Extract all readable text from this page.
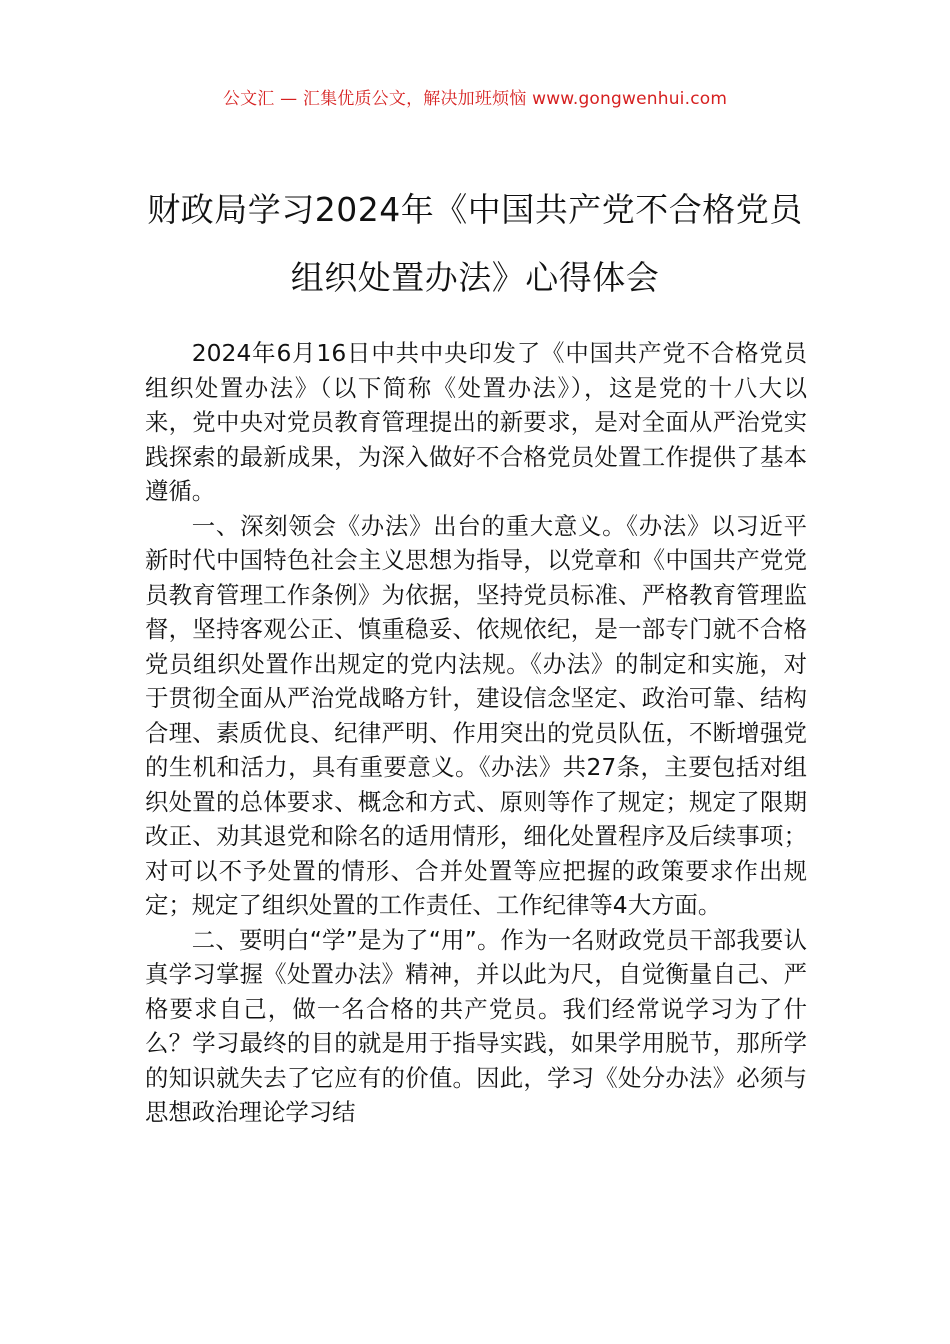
公文汇 — 汇集优质公文，解决加班烦恼 www.gongwenhui.com
财政局学习2024年《中国共产党不合格党员组织处置办法》心得体会

2024年6月16日中共中央印发了《中国共产党不合格党员组织处置办法》（以下简称《处置办法》），这是党的十八大以来，党中央对党员教育管理提出的新要求，是对全面从严治党实践探索的最新成果，为深入做好不合格党员处置工作提供了基本遵循。

一、深刻领会《办法》出台的重大意义。《办法》以习近平新时代中国特色社会主义思想为指导，以党章和《中国共产党党员教育管理工作条例》为依据，坚持党员标准、严格教育管理监督，坚持客观公正、慎重稳妥、依规依纪，是一部专门就不合格党员组织处置作出规定的党内法规。《办法》的制定和实施，对于贯彻全面从严治党战略方针，建设信念坚定、政治可靠、结构合理、素质优良、纪律严明、作用突出的党员队伍，不断增强党的生机和活力，具有重要意义。《办法》共27条，主要包括对组织处置的总体要求、概念和方式、原则等作了规定；规定了限期改正、劝其退党和除名的适用情形，细化处置程序及后续事项；对可以不予处置的情形、合并处置等应把握的政策要求作出规定；规定了组织处置的工作责任、工作纪律等4大方面。

二、要明白“学”是为了“用”。作为一名财政党员干部我要认真学习掌握《处置办法》精神，并以此为尺，自觉衡量自己、严格要求自己，做一名合格的共产党员。我们经常说学习为了什么？学习最终的目的就是用于指导实践，如果学用脱节，那所学的知识就失去了它应有的价值。因此，学习《处分办法》必须与思想政治理论学习结
